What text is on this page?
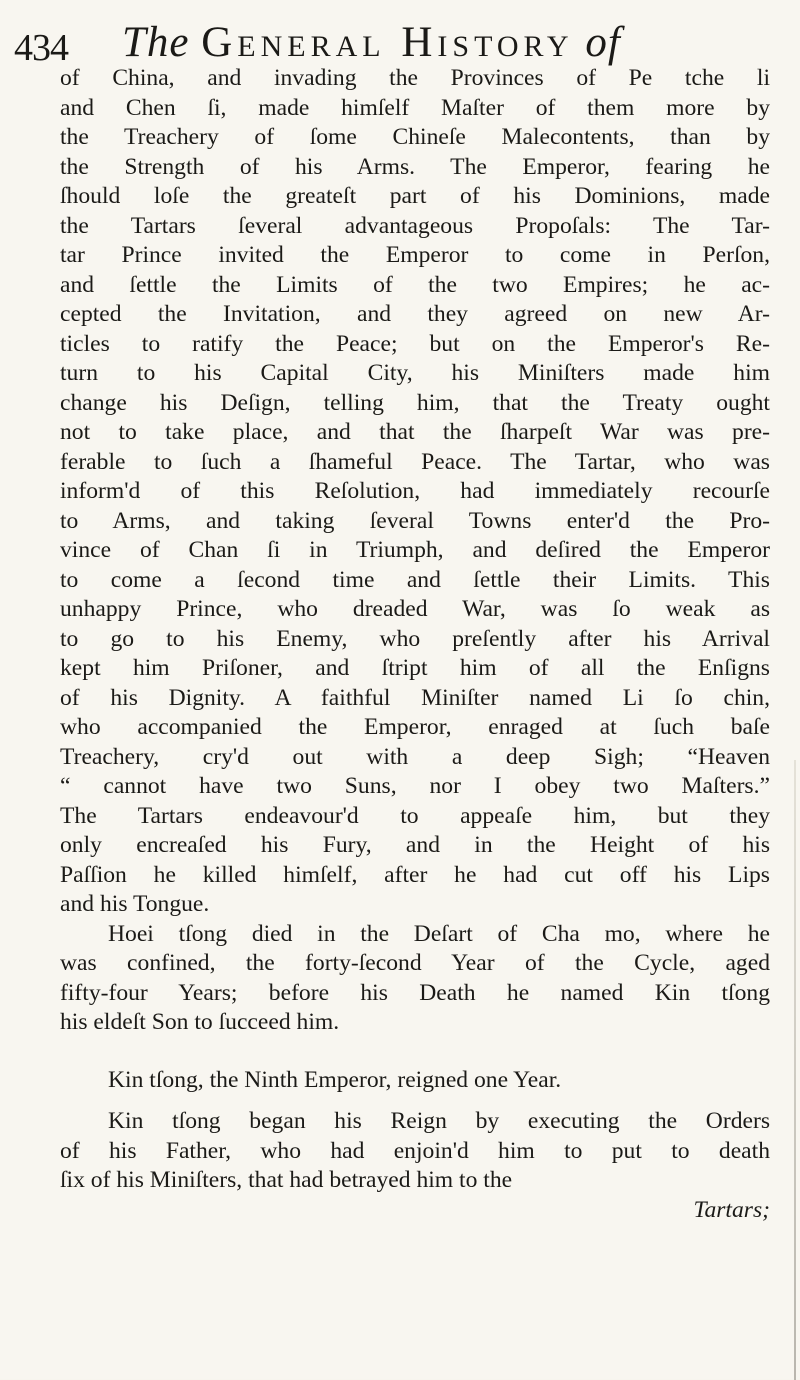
434 The General History of

of China, and invading the Provinces of Pe tche li
and Chen ſi, made himſelf Maſter of them more by
the Treachery of ſome Chineſe Malecontents, than by
the Strength of his Arms. The Emperor, fearing he
ſhould loſe the greateſt part of his Dominions, made
the Tartars ſeveral advantageous Propoſals: The Tar-
tar Prince invited the Emperor to come in Perſon,
and ſettle the Limits of the two Empires; he ac-
cepted the Invitation, and they agreed on new Ar-
ticles to ratify the Peace; but on the Emperor's Re-
turn to his Capital City, his Miniſters made him
change his Deſign, telling him, that the Treaty ought
not to take place, and that the ſharpeſt War was pre-
ferable to ſuch a ſhameful Peace. The Tartar, who was
inform'd of this Reſolution, had immediately recourſe
to Arms, and taking ſeveral Towns enter'd the Pro-
vince of Chan ſi in Triumph, and deſired the Emperor
to come a ſecond time and ſettle their Limits. This
unhappy Prince, who dreaded War, was ſo weak as
to go to his Enemy, who preſently after his Arrival
kept him Priſoner, and ſtript him of all the Enſigns
of his Dignity. A faithful Miniſter named Li ſo chin,
who accompanied the Emperor, enraged at ſuch baſe
Treachery, cry'd out with a deep Sigh; “Heaven
“ cannot have two Suns, nor I obey two Maſters.”
The Tartars endeavour'd to appeaſe him, but they
only encreaſed his Fury, and in the Height of his
Paſſion he killed himſelf, after he had cut off his Lips
and his Tongue.

Hoei tſong died in the Deſart of Cha mo, where he
was confined, the forty-ſecond Year of the Cycle, aged
fifty-four Years; before his Death he named Kin tſong
his eldeſt Son to ſucceed him.

Kin tſong, the Ninth Emperor, reigned one Year.

Kin tſong began his Reign by executing the Orders
of his Father, who had enjoin'd him to put to death
ſix of his Miniſters, that had betrayed him to the

Tartars;
